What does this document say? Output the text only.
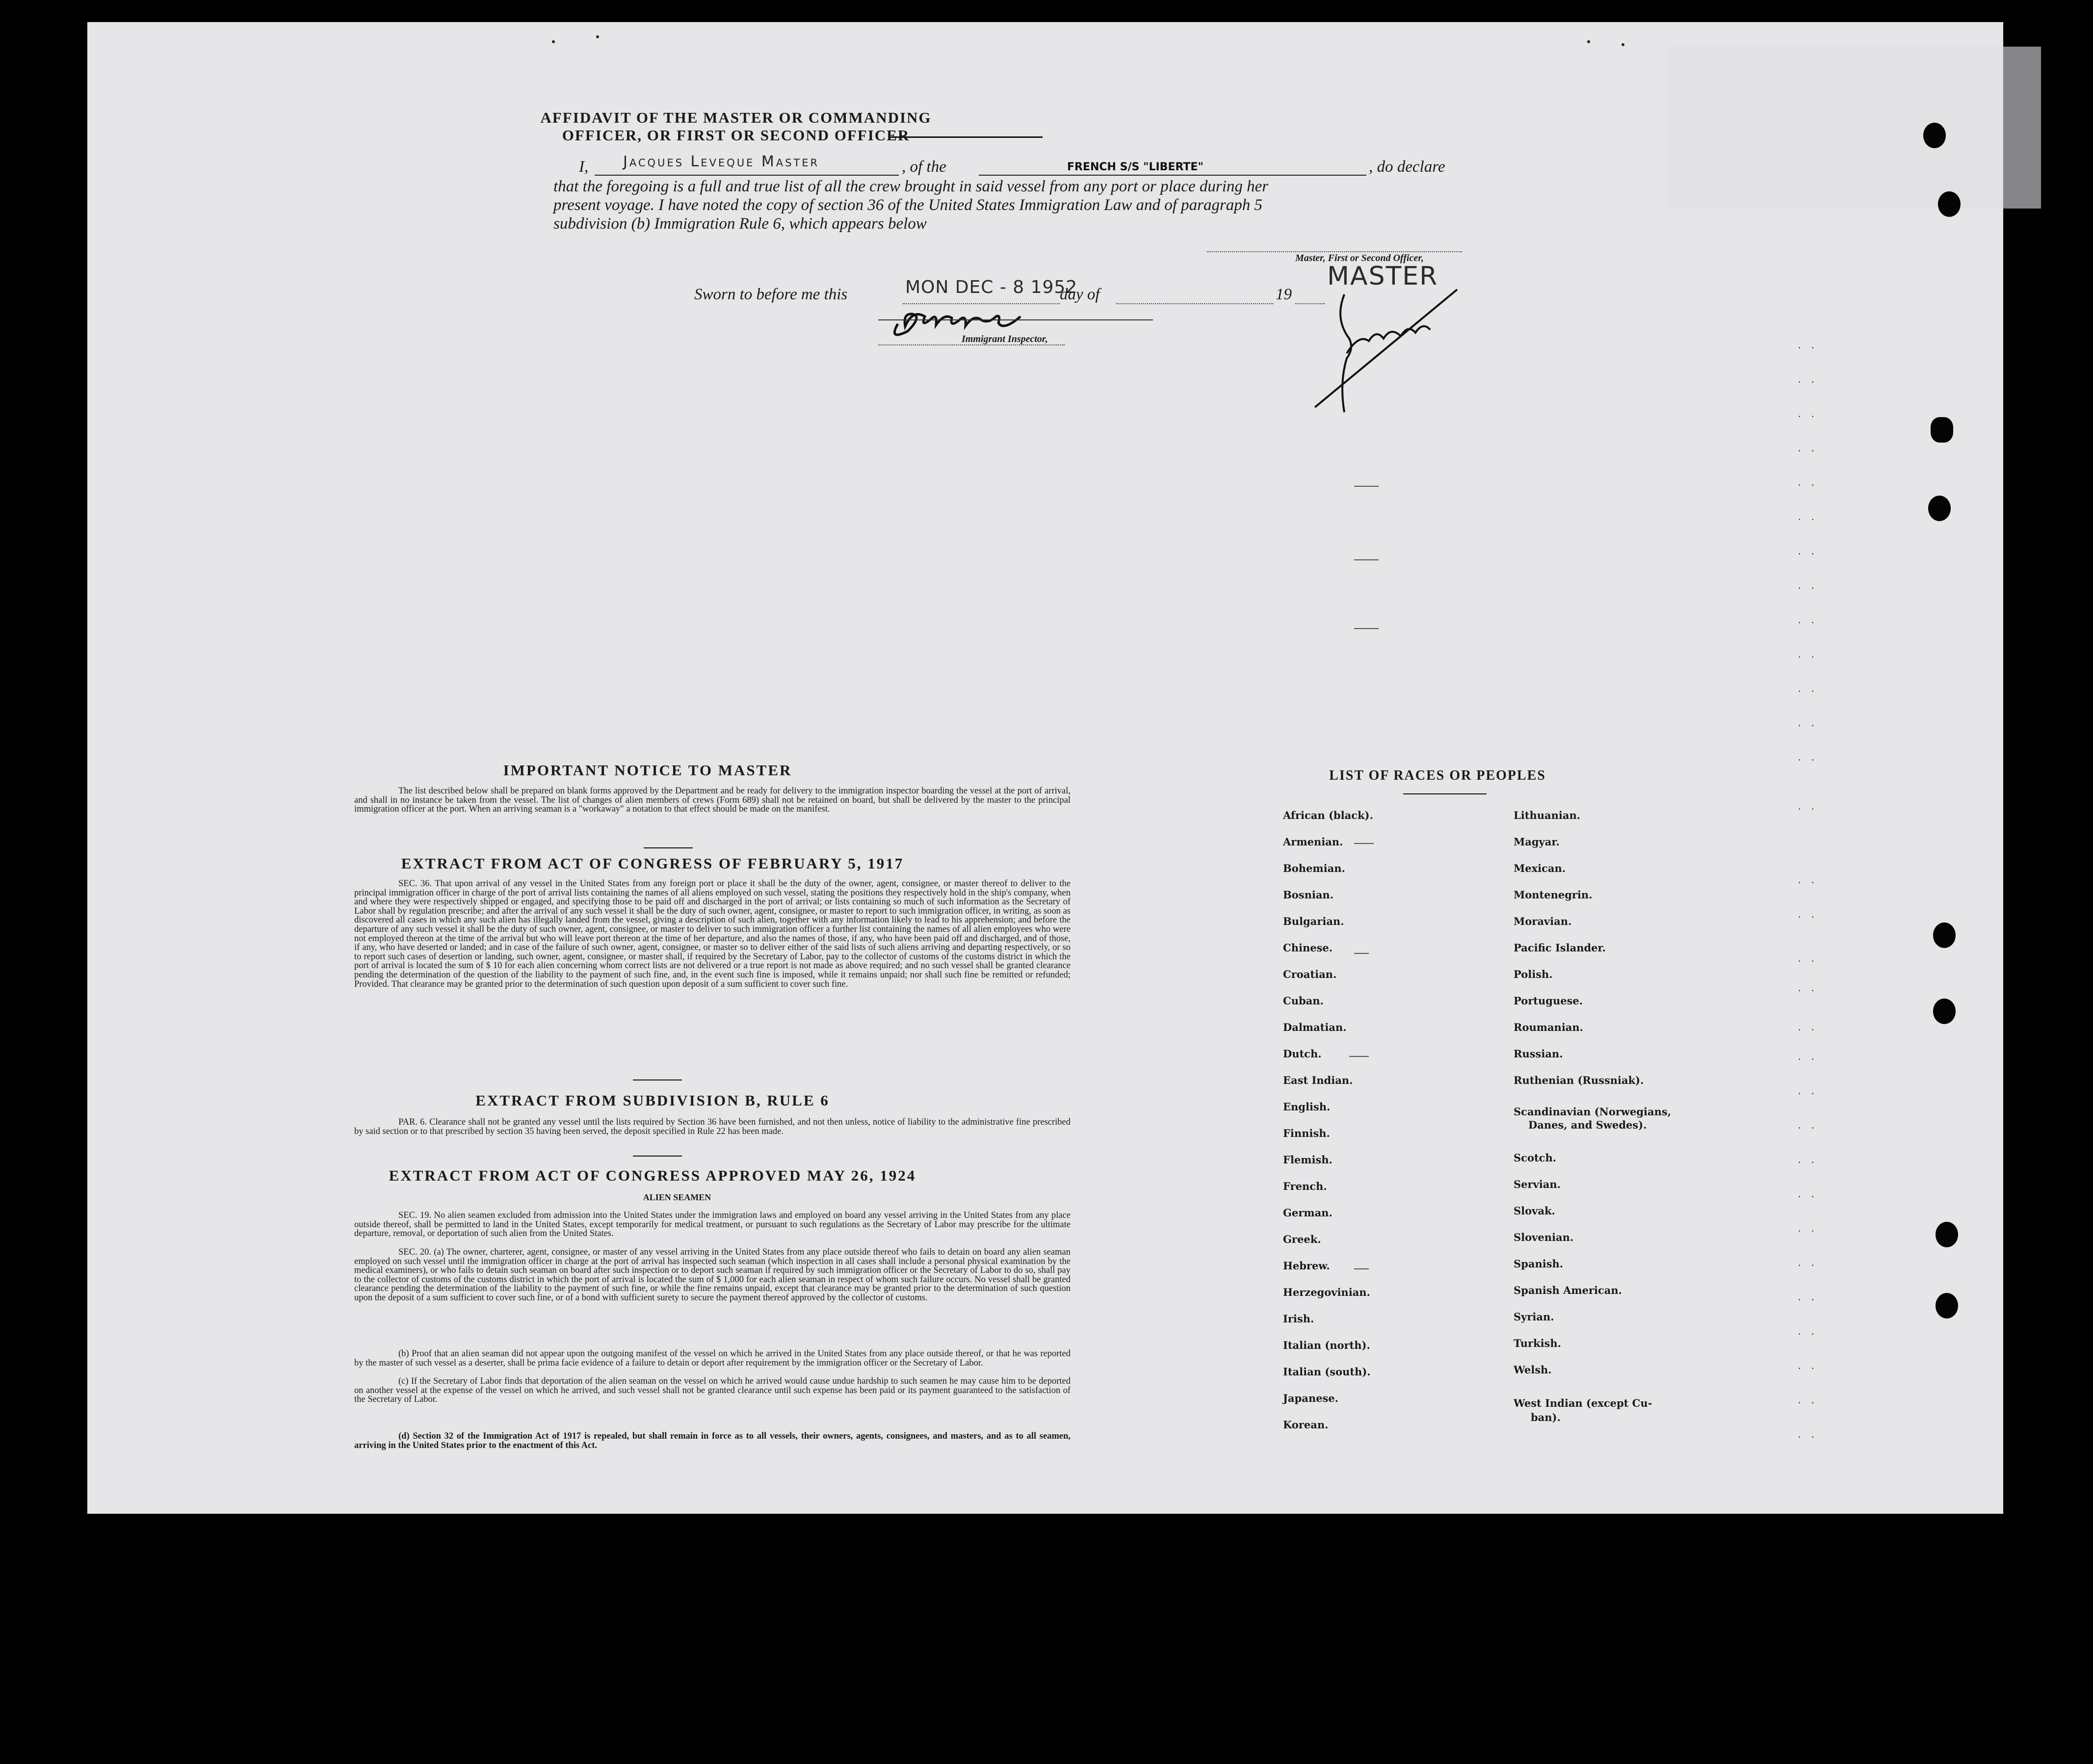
AFFIDAVIT OF THE MASTER OR COMMANDING OFFICER, OR FIRST OR SECOND OFFICER
I, Jacques Leveque Master	, of the	FRENCH S/S "LIBERTE"	, do declare
that the foregoing is a full and true list of all the crew brought in said vessel from any port or place during her
present voyage. I have noted the copy of section 36 of the United States Immigration Law and of paragraph 5
subdivision (b) Immigration Rule 6, which appears below
Master, First or Second Officer,
MASTER
Sworn to before me this	MON DEC - 8 1952
day of	19
Immigrant Inspector,
IMPORTANT NOTICE TO MASTER

The list described below shall be prepared on blank forms approved by the Department and be ready for delivery to the immigration inspector boarding the vessel at the port of arrival, and shall in no instance be taken from the vessel. The list of changes of alien members of crews (Form 689) shall not be retained on board, but shall be delivered by the master to the principal immigration officer at the port. When an arriving seaman is a "workaway" a notation to that effect should be made on the manifest.

EXTRACT FROM ACT OF CONGRESS OF FEBRUARY 5, 1917

SEC. 36. That upon arrival of any vessel in the United States from any foreign port or place it shall be the duty of the owner, agent, consignee, or master thereof to deliver to the principal immigration officer in charge of the port of arrival lists containing the names of all aliens employed on such vessel, stating the positions they respectively hold in the ship's company, when and where they were respectively shipped or engaged, and specifying those to be paid off and discharged in the port of arrival; or lists containing so much of such information as the Secretary of Labor shall by regulation prescribe; and after the arrival of any such vessel it shall be the duty of such owner, agent, consignee, or master to report to such immigration officer, in writing, as soon as discovered all cases in which any such alien has illegally landed from the vessel, giving a description of such alien, together with any information likely to lead to his apprehension; and before the departure of any such vessel it shall be the duty of such owner, agent, consignee, or master to deliver to such immigration officer a further list containing the names of all alien employees who were not employed thereon at the time of the arrival but who will leave port thereon at the time of her departure, and also the names of those, if any, who have been paid off and discharged, and of those, if any, who have deserted or landed; and in case of the failure of such owner, agent, consignee, or master so to deliver either of the said lists of such aliens arriving and departing respectively, or so to report such cases of desertion or landing, such owner, agent, consignee, or master shall, if required by the Secretary of Labor, pay to the collector of customs of the customs district in which the port of arrival is located the sum of $ 10 for each alien concerning whom correct lists are not delivered or a true report is not made as above required; and no such vessel shall be granted clearance pending the determination of the question of the liability to the payment of such fine, and, in the event such fine is imposed, while it remains unpaid; nor shall such fine be remitted or refunded; Provided. That clearance may be granted prior to the determination of such question upon deposit of a sum sufficient to cover such fine.

EXTRACT FROM SUBDIVISION B, RULE 6

PAR. 6. Clearance shall not be granted any vessel until the lists required by Section 36 have been furnished, and not then unless, notice of liability to the administrative fine prescribed by said section or to that prescribed by section 35 having been served, the deposit specified in Rule 22 has been made.

EXTRACT FROM ACT OF CONGRESS APPROVED MAY 26, 1924
ALIEN SEAMEN

SEC. 19. No alien seamen excluded from admission into the United States under the immigration laws and employed on board any vessel arriving in the United States from any place outside thereof, shall be permitted to land in the United States, except temporarily for medical treatment, or pursuant to such regulations as the Secretary of Labor may prescribe for the ultimate departure, removal, or deportation of such alien from the United States.

SEC. 20. (a) The owner, charterer, agent, consignee, or master of any vessel arriving in the United States from any place outside thereof who fails to detain on board any alien seaman employed on such vessel until the immigration officer in charge at the port of arrival has inspected such seaman (which inspection in all cases shall include a personal physical examination by the medical examiners), or who fails to detain such seaman on board after such inspection or to deport such seaman if required by such immigration officer or the Secretary of Labor to do so, shall pay to the collector of customs of the customs district in which the port of arrival is located the sum of $ 1,000 for each alien seaman in respect of whom such failure occurs. No vessel shall be granted clearance pending the determination of the liability to the payment of such fine, or while the fine remains unpaid, except that clearance may be granted prior to the determination of such question upon the deposit of a sum sufficient to cover such fine, or of a bond with sufficient surety to secure the payment thereof approved by the collector of customs.

(b) Proof that an alien seaman did not appear upon the outgoing manifest of the vessel on which he arrived in the United States from any place outside thereof, or that he was reported by the master of such vessel as a deserter, shall be prima facie evidence of a failure to detain or deport after requirement by the immigration officer or the Secretary of Labor.

(c) If the Secretary of Labor finds that deportation of the alien seaman on the vessel on which he arrived would cause undue hardship to such seamen he may cause him to be deported on another vessel at the expense of the vessel on which he arrived, and such vessel shall not be granted clearance until such expense has been paid or its payment guaranteed to the satisfaction of the Secretary of Labor.

(d) Section 32 of the Immigration Act of 1917 is repealed, but shall remain in force as to all vessels, their owners, agents, consignees, and masters, and as to all seamen, arriving in the United States prior to the enactment of this Act.

LIST OF RACES OR PEOPLES
African (black).
Armenian.
Bohemian.
Bosnian.
Bulgarian.
Chinese.
Croatian.
Cuban.
Dalmatian.
Dutch.
East Indian.
English.
Finnish.
Flemish.
French.
German.
Greek.
Hebrew.
Herzegovinian.
Irish.
Italian (north).
Italian (south).
Japanese.
Korean.
Lithuanian.
Magyar.
Mexican.
Montenegrin.
Moravian.
Pacific Islander.
Polish.
Portuguese.
Roumanian.
Russian.
Ruthenian (Russniak).
Scandinavian (Norwegians,
Danes, and Swedes).
Scotch.
Servian.
Slovak.
Slovenian.
Spanish.
Spanish American.
Syrian.
Turkish.
Welsh.
West Indian (except Cu-
ban).
. .
. .
. .
. .
. .
. .
. .
. .
. .
. .
. .
. .
. .
. .
. .
. .
. .
. .
. .
. .
. .
. .
. .
. .
. .
. .
. .
. .
. .
. .
. .
